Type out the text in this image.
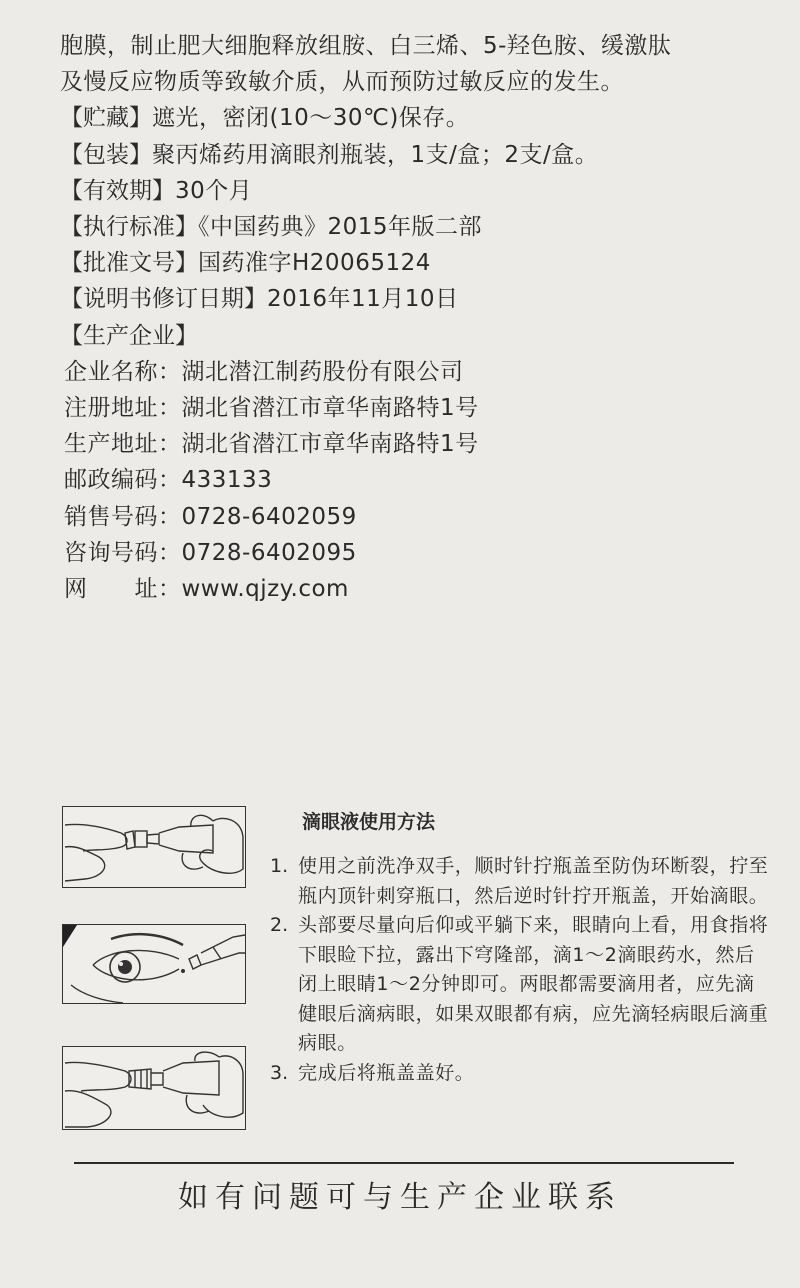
胞膜，制止肥大细胞释放组胺、白三烯、5-羟色胺、缓激肽
及慢反应物质等致敏介质，从而预防过敏反应的发生。
【贮藏】遮光，密闭(10～30℃)保存。
【包装】聚丙烯药用滴眼剂瓶装，1支/盒；2支/盒。
【有效期】30个月
【执行标准】《中国药典》2015年版二部
【批准文号】国药准字H20065124
【说明书修订日期】2016年11月10日
【生产企业】
企业名称：湖北潜江制药股份有限公司
注册地址：湖北省潜江市章华南路特1号
生产地址：湖北省潜江市章华南路特1号
邮政编码：433133
销售号码：0728-6402059
咨询号码：0728-6402095
网　　址：www.qjzy.com
滴眼液使用方法
1. 使用之前洗净双手，顺时针拧瓶盖至防伪环断裂，拧至瓶内顶针刺穿瓶口，然后逆时针拧开瓶盖，开始滴眼。
2. 头部要尽量向后仰或平躺下来，眼睛向上看，用食指将下眼睑下拉，露出下穹隆部，滴1～2滴眼药水，然后闭上眼睛1～2分钟即可。两眼都需要滴用者，应先滴健眼后滴病眼，如果双眼都有病，应先滴轻病眼后滴重病眼。
3. 完成后将瓶盖盖好。
如有问题可与生产企业联系
